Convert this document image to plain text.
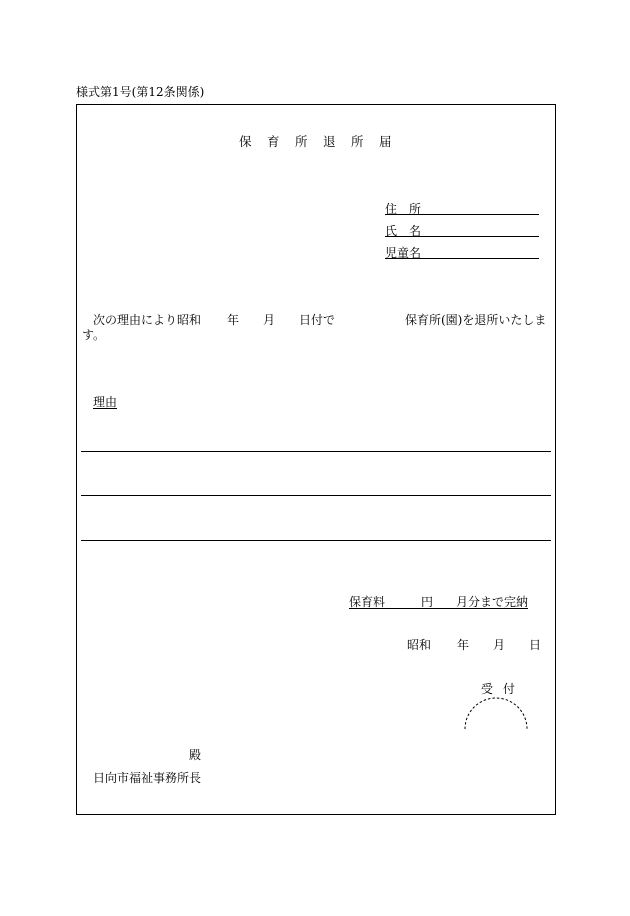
様式第1号(第12条関係)
保育所退所届
住　所
氏　名
児童名
次の理由により昭和 年 月 日付で	保育所(園)を退所いたしま
す。
理由
保育料	円 月分まで完納
昭和 年 月 日
受付
殿
日向市福祉事務所長
